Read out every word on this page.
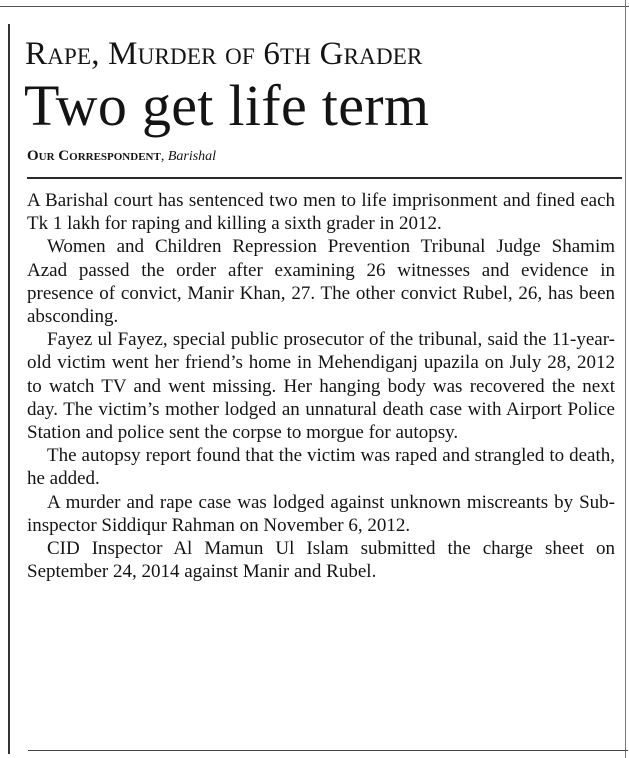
Rape, Murder of 6th Grader
Two get life term
Our Correspondent, Barishal

A Barishal court has sentenced two men to life imprisonment and fined each Tk 1 lakh for raping and killing a sixth grader in 2012.

Women and Children Repression Prevention Tribunal Judge Shamim Azad passed the order after examining 26 witnesses and evidence in presence of convict, Manir Khan, 27. The other convict Rubel, 26, has been absconding.

Fayez ul Fayez, special public prosecutor of the tribunal, said the 11-year-old victim went her friend’s home in Mehendiganj upazila on July 28, 2012 to watch TV and went missing. Her hanging body was recovered the next day. The victim’s mother lodged an unnatural death case with Airport Police Station and police sent the corpse to morgue for autopsy.

The autopsy report found that the victim was raped and strangled to death, he added.

A murder and rape case was lodged against unknown miscreants by Sub-inspector Siddiqur Rahman on November 6, 2012.

CID Inspector Al Mamun Ul Islam submitted the charge sheet on September 24, 2014 against Manir and Rubel.
